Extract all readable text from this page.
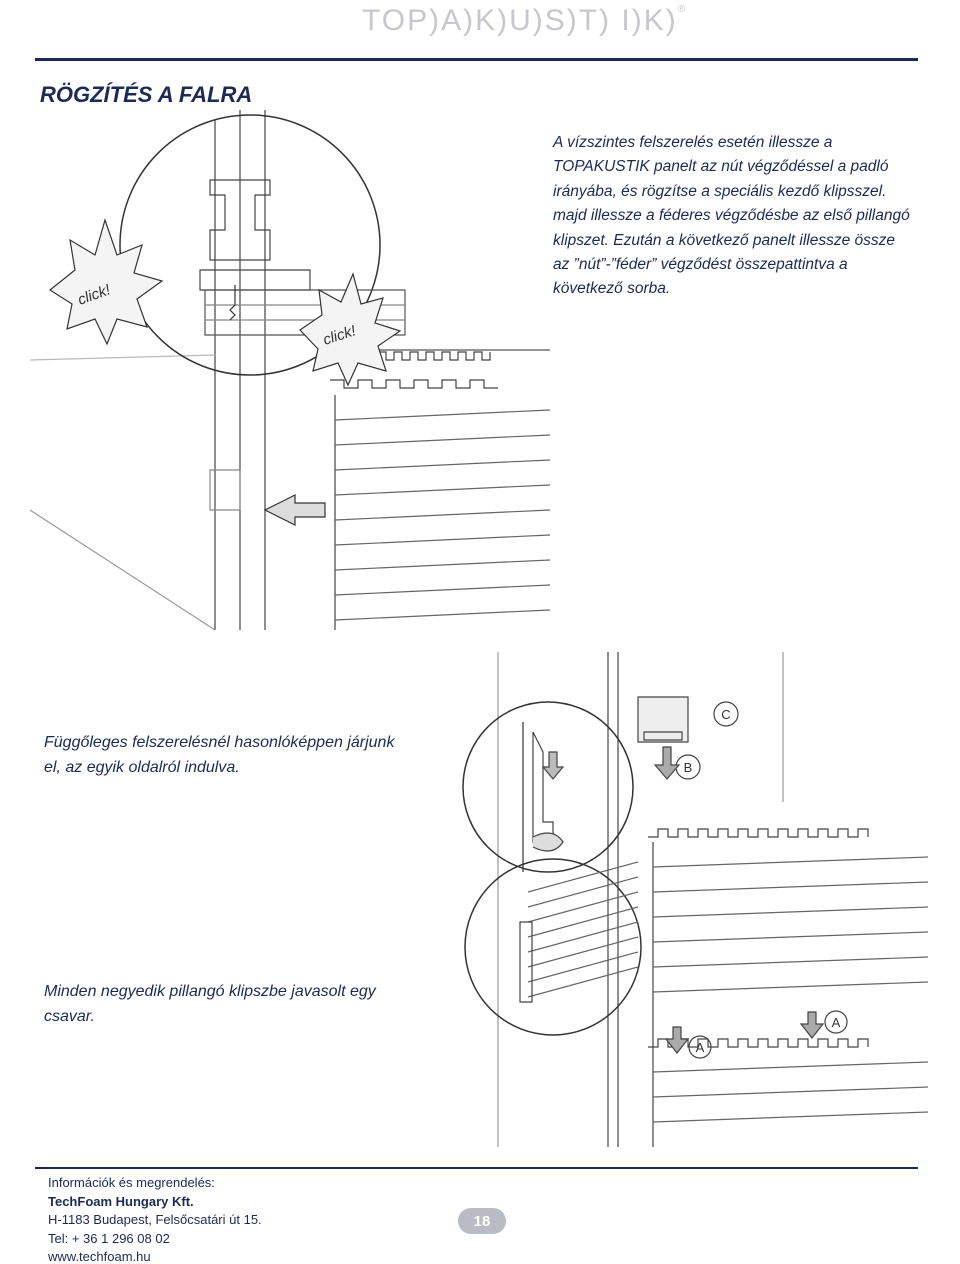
TOP)A)K)U)S)T) I)K)®
RÖGZÍTÉS A FALRA

A vízszintes felszerelés esetén illessze a TOPAKUSTIK panelt az nút végződéssel a padló irányába, és rögzítse a speciális kezdő klipsszel. majd illessze a féderes végződésbe az első pillangó klipszet. Ezután a következő panelt illessze össze az ”nút”-”féder” végződést összepattintva a következő sorba.

click!
click!

Függőleges felszerelésnél hasonlóképpen járjunk el, az egyik oldalról indulva.

C
B
A
A

Minden negyedik pillangó klipszbe javasolt egy csavar.

Információk és megrendelés:
TechFoam Hungary Kft.
H-1183 Budapest, Felsőcsatári út 15.
Tel: + 36 1 296 08 02
www.techfoam.hu
18
